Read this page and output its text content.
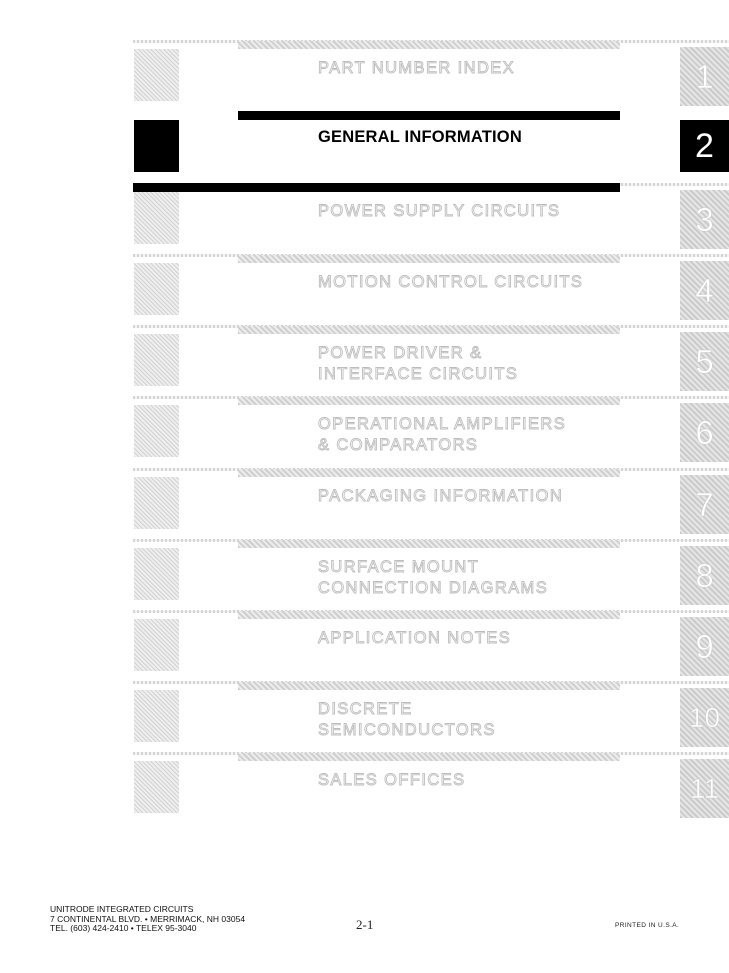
PART NUMBER INDEX	1
GENERAL INFORMATION	2
POWER SUPPLY CIRCUITS	3
MOTION CONTROL CIRCUITS	4
POWER DRIVER &
INTERFACE CIRCUITS	5
OPERATIONAL AMPLIFIERS
& COMPARATORS	6
PACKAGING INFORMATION	7
SURFACE MOUNT
CONNECTION DIAGRAMS	8
APPLICATION NOTES	9
DISCRETE
SEMICONDUCTORS	10
SALES OFFICES	11
UNITRODE INTEGRATED CIRCUITS
7 CONTINENTAL BLVD. • MERRIMACK, NH 03054
TEL. (603) 424-2410 • TELEX 95-3040	2-1	PRINTED IN U.S.A.
